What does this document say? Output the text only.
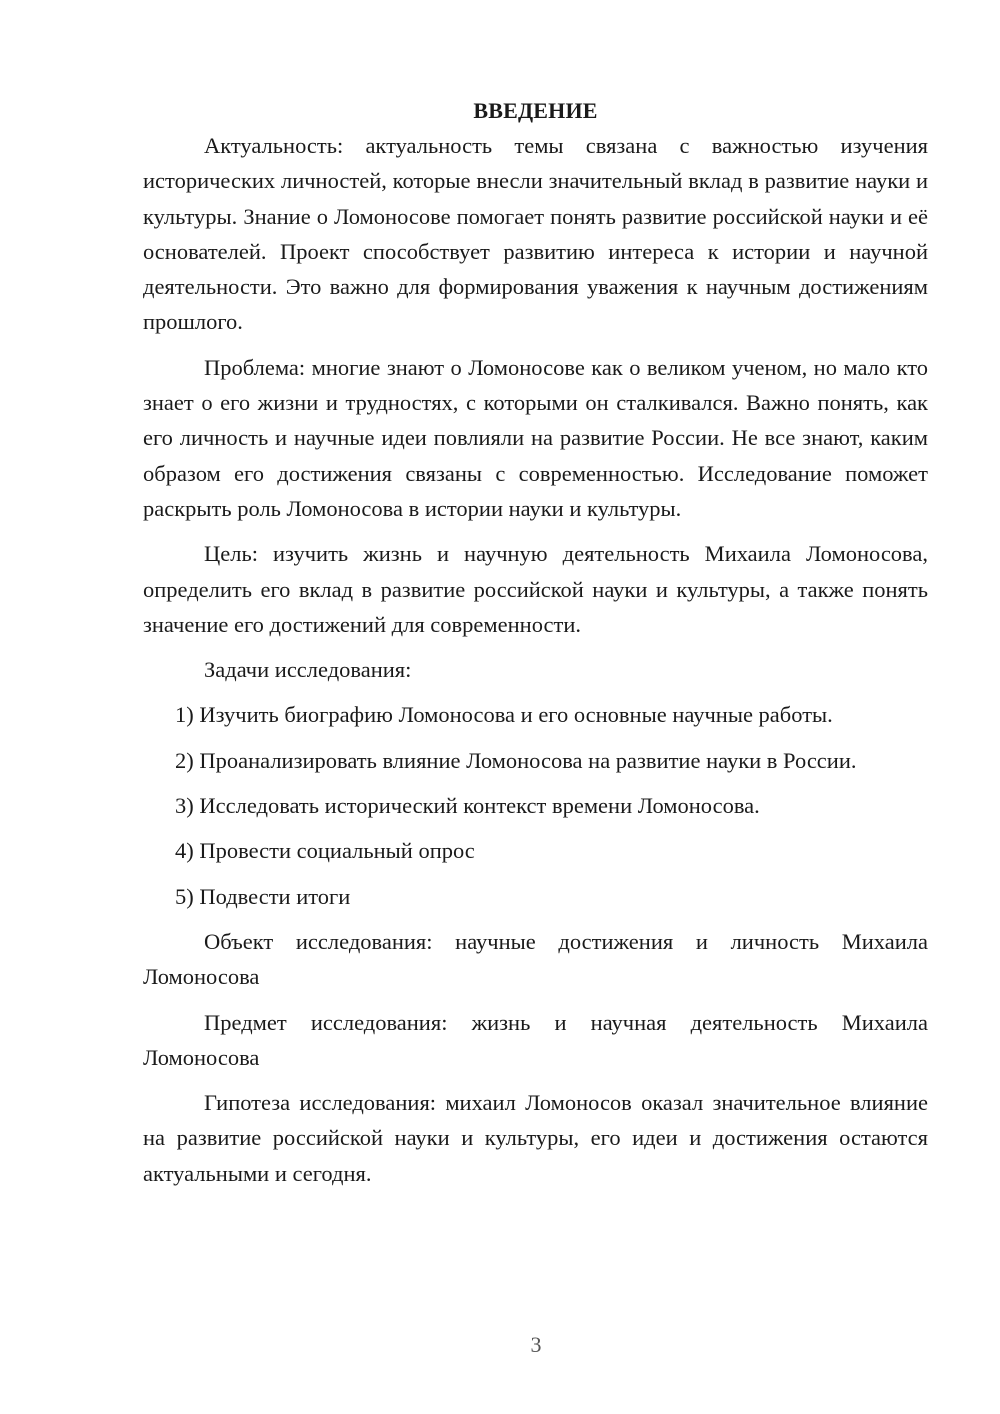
ВВЕДЕНИЕ

Актуальность: актуальность темы связана с важностью изучения исторических личностей, которые внесли значительный вклад в развитие науки и культуры. Знание о Ломоносове помогает понять развитие российской науки и её основателей. Проект способствует развитию интереса к истории и научной деятельности. Это важно для формирования уважения к научным достижениям прошлого.

Проблема: многие знают о Ломоносове как о великом ученом, но мало кто знает о его жизни и трудностях, с которыми он сталкивался. Важно понять, как его личность и научные идеи повлияли на развитие России. Не все знают, каким образом его достижения связаны с современностью. Исследование поможет раскрыть роль Ломоносова в истории науки и культуры.

Цель: изучить жизнь и научную деятельность Михаила Ломоносова, определить его вклад в развитие российской науки и культуры, а также понять значение его достижений для современности.

Задачи исследования:

1) Изучить биографию Ломоносова и его основные научные работы.

2) Проанализировать влияние Ломоносова на развитие науки в России.

3) Исследовать исторический контекст времени Ломоносова.

4) Провести социальный опрос

5) Подвести итоги

Объект исследования: научные достижения и личность Михаила Ломоносова

Предмет исследования: жизнь и научная деятельность Михаила Ломоносова

Гипотеза исследования: михаил Ломоносов оказал значительное влияние на развитие российской науки и культуры, его идеи и достижения остаются актуальными и сегодня.

3
